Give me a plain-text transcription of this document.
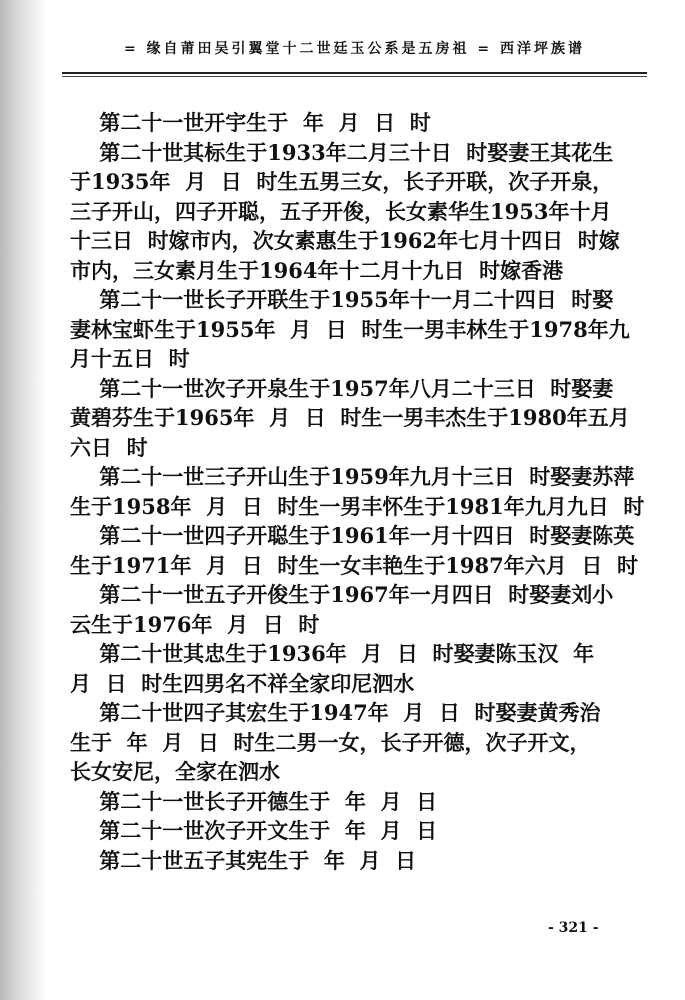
= 缘自莆田吴引翼堂十二世廷玉公系是五房祖 = 西洋坪族谱

第二十一世开宇生于  年  月  日  时

第二十世其标生于1933年二月三十日  时娶妻王其花生
于1935年  月  日  时生五男三女，长子开联，次子开泉，
三子开山，四子开聪，五子开俊，长女素华生1953年十月
十三日  时嫁市内，次女素惠生于1962年七月十四日  时嫁
市内，三女素月生于1964年十二月十九日  时嫁香港

第二十一世长子开联生于1955年十一月二十四日  时娶
妻林宝虾生于1955年  月  日  时生一男丰林生于1978年九
月十五日  时

第二十一世次子开泉生于1957年八月二十三日  时娶妻
黄碧芬生于1965年  月  日  时生一男丰杰生于1980年五月
六日  时

第二十一世三子开山生于1959年九月十三日  时娶妻苏萍
生于1958年  月  日  时生一男丰怀生于1981年九月九日  时

第二十一世四子开聪生于1961年一月十四日  时娶妻陈英
生于1971年  月  日  时生一女丰艳生于1987年六月  日  时

第二十一世五子开俊生于1967年一月四日  时娶妻刘小
云生于1976年  月  日  时

第二十世其忠生于1936年  月  日  时娶妻陈玉汉  年
月  日  时生四男名不祥全家印尼泗水

第二十世四子其宏生于1947年  月  日  时娶妻黄秀治
生于  年  月  日  时生二男一女，长子开德，次子开文，
长女安尼，全家在泗水

第二十一世长子开德生于  年  月  日

第二十一世次子开文生于  年  月  日

第二十世五子其宪生于  年  月  日

- 321 -
